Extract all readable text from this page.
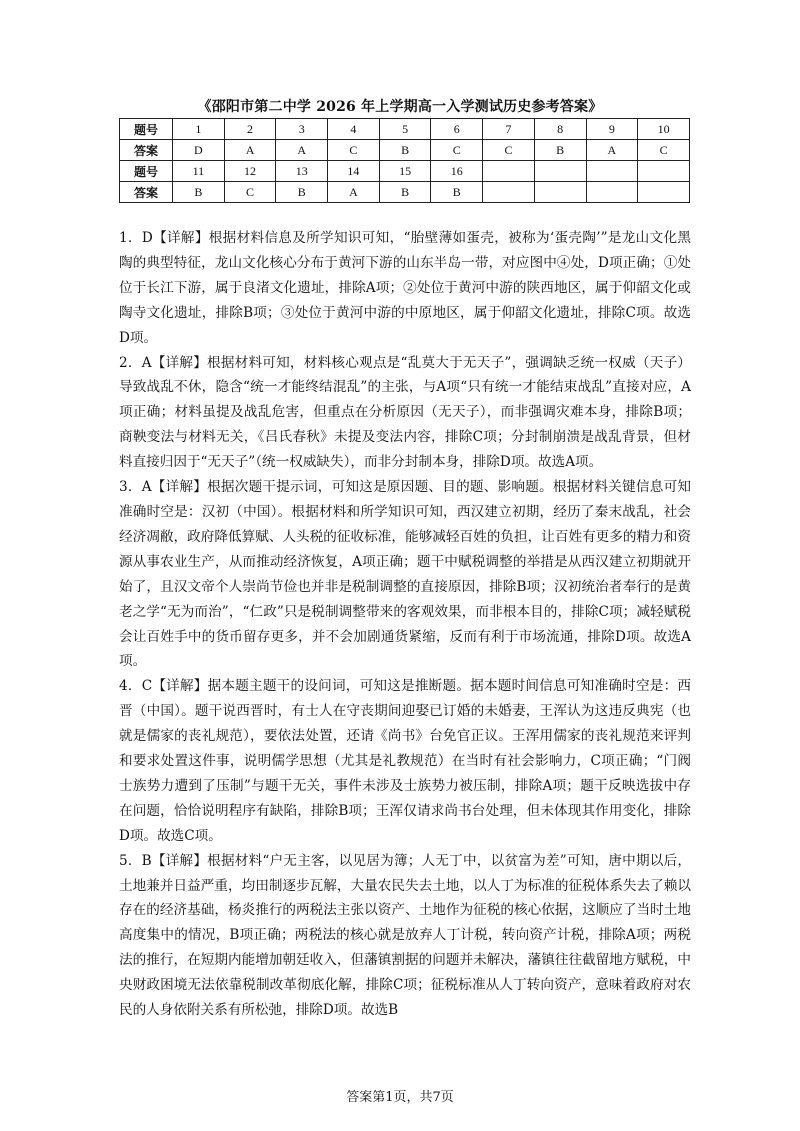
《邵阳市第二中学 2026 年上学期高一入学测试历史参考答案》
题号	1	2	3	4	5	6	7	8	9	10
答案	D	A	A	C	B	C	C	B	A	C
题号	11	12	13	14	15	16				
答案	B	C	B	A	B	B				

1．D【详解】根据材料信息及所学知识可知，“胎壁薄如蛋壳，被称为‘蛋壳陶’”是龙山文化黑陶的典型特征，龙山文化核心分布于黄河下游的山东半岛一带，对应图中④处，D项正确；①处位于长江下游，属于良渚文化遗址，排除A项；②处位于黄河中游的陕西地区，属于仰韶文化或陶寺文化遗址，排除B项；③处位于黄河中游的中原地区，属于仰韶文化遗址，排除C项。故选D项。

2．A【详解】根据材料可知，材料核心观点是“乱莫大于无天子”，强调缺乏统一权威（天子）导致战乱不休，隐含“统一才能终结混乱”的主张，与A项“只有统一才能结束战乱”直接对应，A项正确；材料虽提及战乱危害，但重点在分析原因（无天子），而非强调灾难本身，排除B项；商鞅变法与材料无关，《吕氏春秋》未提及变法内容，排除C项；分封制崩溃是战乱背景，但材料直接归因于“无天子”（统一权威缺失），而非分封制本身，排除D项。故选A项。

3．A【详解】根据次题干提示词，可知这是原因题、目的题、影响题。根据材料关键信息可知准确时空是：汉初（中国）。根据材料和所学知识可知，西汉建立初期，经历了秦末战乱，社会经济凋敝，政府降低算赋、人头税的征收标准，能够减轻百姓的负担，让百姓有更多的精力和资源从事农业生产，从而推动经济恢复，A项正确；题干中赋税调整的举措是从西汉建立初期就开始了，且汉文帝个人崇尚节俭也并非是税制调整的直接原因，排除B项；汉初统治者奉行的是黄老之学“无为而治”，“仁政”只是税制调整带来的客观效果，而非根本目的，排除C项；减轻赋税会让百姓手中的货币留存更多，并不会加剧通货紧缩，反而有利于市场流通，排除D项。故选A项。

4．C【详解】据本题主题干的设问词，可知这是推断题。据本题时间信息可知准确时空是：西晋（中国）。题干说西晋时，有士人在守丧期间迎娶已订婚的未婚妻，王浑认为这违反典宪（也就是儒家的丧礼规范），要依法处置，还请《尚书》台免官正议。王浑用儒家的丧礼规范来评判和要求处置这件事，说明儒学思想（尤其是礼教规范）在当时有社会影响力，C项正确；“门阀士族势力遭到了压制”与题干无关，事件未涉及士族势力被压制，排除A项；题干反映选拔中存在问题，恰恰说明程序有缺陷，排除B项；王浑仅请求尚书台处理，但未体现其作用变化，排除D项。故选C项。

5．B【详解】根据材料“户无主客，以见居为簿；人无丁中，以贫富为差”可知，唐中期以后，土地兼并日益严重，均田制逐步瓦解，大量农民失去土地，以人丁为标准的征税体系失去了赖以存在的经济基础，杨炎推行的两税法主张以资产、土地作为征税的核心依据，这顺应了当时土地高度集中的情况，B项正确；两税法的核心就是放弃人丁计税，转向资产计税，排除A项；两税法的推行，在短期内能增加朝廷收入，但藩镇割据的问题并未解决，藩镇往往截留地方赋税，中央财政困境无法依靠税制改革彻底化解，排除C项；征税标准从人丁转向资产，意味着政府对农民的人身依附关系有所松弛，排除D项。故选B

答案第1页，共7页
